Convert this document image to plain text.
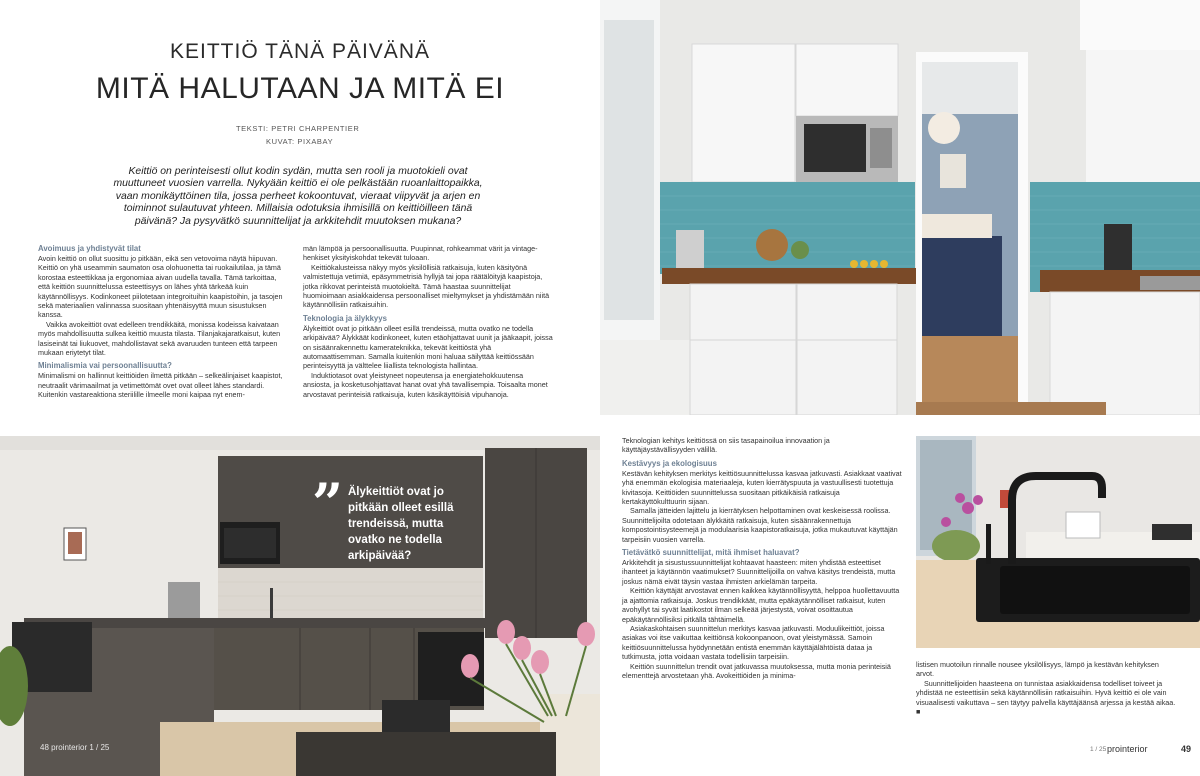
KEITTIÖ TÄNÄ PÄIVÄNÄ
MITÄ HALUTAAN JA MITÄ EI
TEKSTI: PETRI CHARPENTIER
KUVAT: PIXABAY
Keittiö on perinteisesti ollut kodin sydän, mutta sen rooli ja muotokieli ovat muuttuneet vuosien varrella. Nykyään keittiö ei ole pelkästään ruoanlaittopaikka, vaan monikäyttöinen tila, jossa perheet kokoontuvat, vieraat viipyvät ja arjen en toiminnot sulautuvat yhteen. Millaisia odotuksia ihmisillä on keittiöilleen tänä päivänä? Ja pysyvätkö suunnittelijat ja arkkitehdit muutoksen mukana?
Avoimuus ja yhdistyvät tilat

Avoin keittiö on ollut suosittu jo pitkään, eikä sen vetovoima näytä hiipuvan. Keittiö on yhä useammin saumaton osa olohuonetta tai ruokailutilaa, ja tämä korostaa esteettikkaa ja ergonomiaa aivan uudella tavalla. Tämä tarkoittaa, että keittiön suunnittelussa esteettisyys on lähes yhtä tärkeää kuin käytännöllisyys. Kodinkoneet piilotetaan integroituihin kaapistoihin, ja tasojen sekä materiaalien valinnassa suositaan yhtenäisyyttä muun sisustuksen kanssa.

Vaikka avokeittiöt ovat edelleen trendikkäitä, monissa kodeissa kaivataan myös mahdollisuutta sulkea keittiö muusta tilasta. Tilanjakajaratkaisut, kuten lasiseinät tai liukuovet, mahdollistavat sekä avaruuden tunteen että tarpeen mukaan eriytetyt tilat.

Minimalismia vai persoonallisuutta?

Minimalismi on hallinnut keittiöiden ilmettä pitkään – selkeälinjaiset kaapistot, neutraalit värimaailmat ja vetimettömät ovet ovat olleet lähes standardi. Kuitenkin vastareaktiona steriilille ilmeelle moni kaipaa nyt enem-

män lämpöä ja persoonallisuutta. Puupinnat, rohkeammat värit ja vintage-henkiset yksityiskohdat tekevät tuloaan.

Keittiökalusteissa näkyy myös yksilöllisiä ratkaisuja, kuten käsityönä valmistettuja vetimiä, epäsymmetrisiä hyllyjä tai jopa räätälöityjä kaapistoja, jotka rikkovat perinteistä muotokieltä. Tämä haastaa suunnittelijat huomioimaan asiakkaidensa persoonalliset mieltymykset ja yhdistämään niitä käytännöllisiin ratkaisuihin.

Teknologia ja älykkyys

Älykeittiöt ovat jo pitkään olleet esillä trendeissä, mutta ovatko ne todella arkipäivää? Älykkäät kodinkoneet, kuten etäohjattavat uunit ja jääkaapit, joissa on sisäänrakennettu kamerateknikka, tekevät keittiöstä yhä automaattisemman. Samalla kuitenkin moni haluaa säilyttää keittiössään perinteisyyttä ja välttelee liiallista teknologista hallintaa.

Induktiotasot ovat yleistyneet nopeutensa ja energiatehokkuutensa ansiosta, ja kosketusohjattavat hanat ovat yhä tavallisempia. Toisaalta monet arvostavat perinteisiä ratkaisuja, kuten käsikäyttöisiä vipuhanoja.

” Älykeittiöt ovat jo pitkään olleet esillä trendeissä, mutta ovatko ne todella arkipäivää?
48 prointerior 1 / 25

Teknologian kehitys keittiössä on siis tasapainoilua innovaation ja käyttäjäystävällisyyden välillä.

Kestävyys ja ekologisuus

Kestävän kehityksen merkitys keittiösuunnittelussa kasvaa jatkuvasti. Asiakkaat vaativat yhä enemmän ekologisia materiaaleja, kuten kierrätyspuuta ja vastuullisesti tuotettuja kivitasoja. Keittiöiden suunnittelussa suositaan pitkäikäisiä ratkaisuja kertakäyttökulttuurin sijaan.

Samalla jätteiden lajittelu ja kierrätyksen helpottaminen ovat keskeisessä roolissa. Suunnittelijoilta odotetaan älykkäitä ratkaisuja, kuten sisäänrakennettuja kompostointisysteemejä ja modulaarisia kaapistoratkaisuja, jotka mukautuvat käyttäjän tarpeisiin vuosien varrella.

Tietävätkö suunnittelijat, mitä ihmiset haluavat?

Arkkitehdit ja sisustussuunnittelijat kohtaavat haasteen: miten yhdistää esteettiset ihanteet ja käytännön vaatimukset? Suunnittelijoilla on vahva käsitys trendeistä, mutta joskus nämä eivät täysin vastaa ihmisten arkielämän tarpeita.

Keittiön käyttäjät arvostavat ennen kaikkea käytännöllisyyttä, helppoa huollettavuutta ja ajattomia ratkaisuja. Joskus trendikkäät, mutta epäkäytännölliset ratkaisut, kuten avohyllyt tai syvät laatikostot ilman selkeää järjestystä, voivat osoittautua epäkäytännöllisiksi pitkällä tähtäimellä.

Asiakaskohtaisen suunnittelun merkitys kasvaa jatkuvasti. Moduulikeittiöt, joissa asiakas voi itse vaikuttaa keittiönsä kokoonpanoon, ovat yleistymässä. Samoin keittiösuunnittelussa hyödynnetään entistä enemmän käyttäjälähtöistä dataa ja tutkimusta, jotta voidaan vastata todellisiin tarpeisiin.

Keittiön suunnittelun trendit ovat jatkuvassa muutoksessa, mutta monia perinteisiä elementtejä arvostetaan yhä. Avokeittiöiden ja minima-

listisen muotoilun rinnalle nousee yksilöllisyys, lämpö ja kestävän kehityksen arvot.

Suunnittelijoiden haasteena on tunnistaa asiakkaidensa todelliset toiveet ja yhdistää ne esteettisiin sekä käytännöllisiin ratkaisuihin. Hyvä keittiö ei ole vain visuaalisesti vaikuttava – sen täytyy palvella käyttäjäänsä arjessa ja kestää aikaa. ■

1 / 25 prointerior	49
